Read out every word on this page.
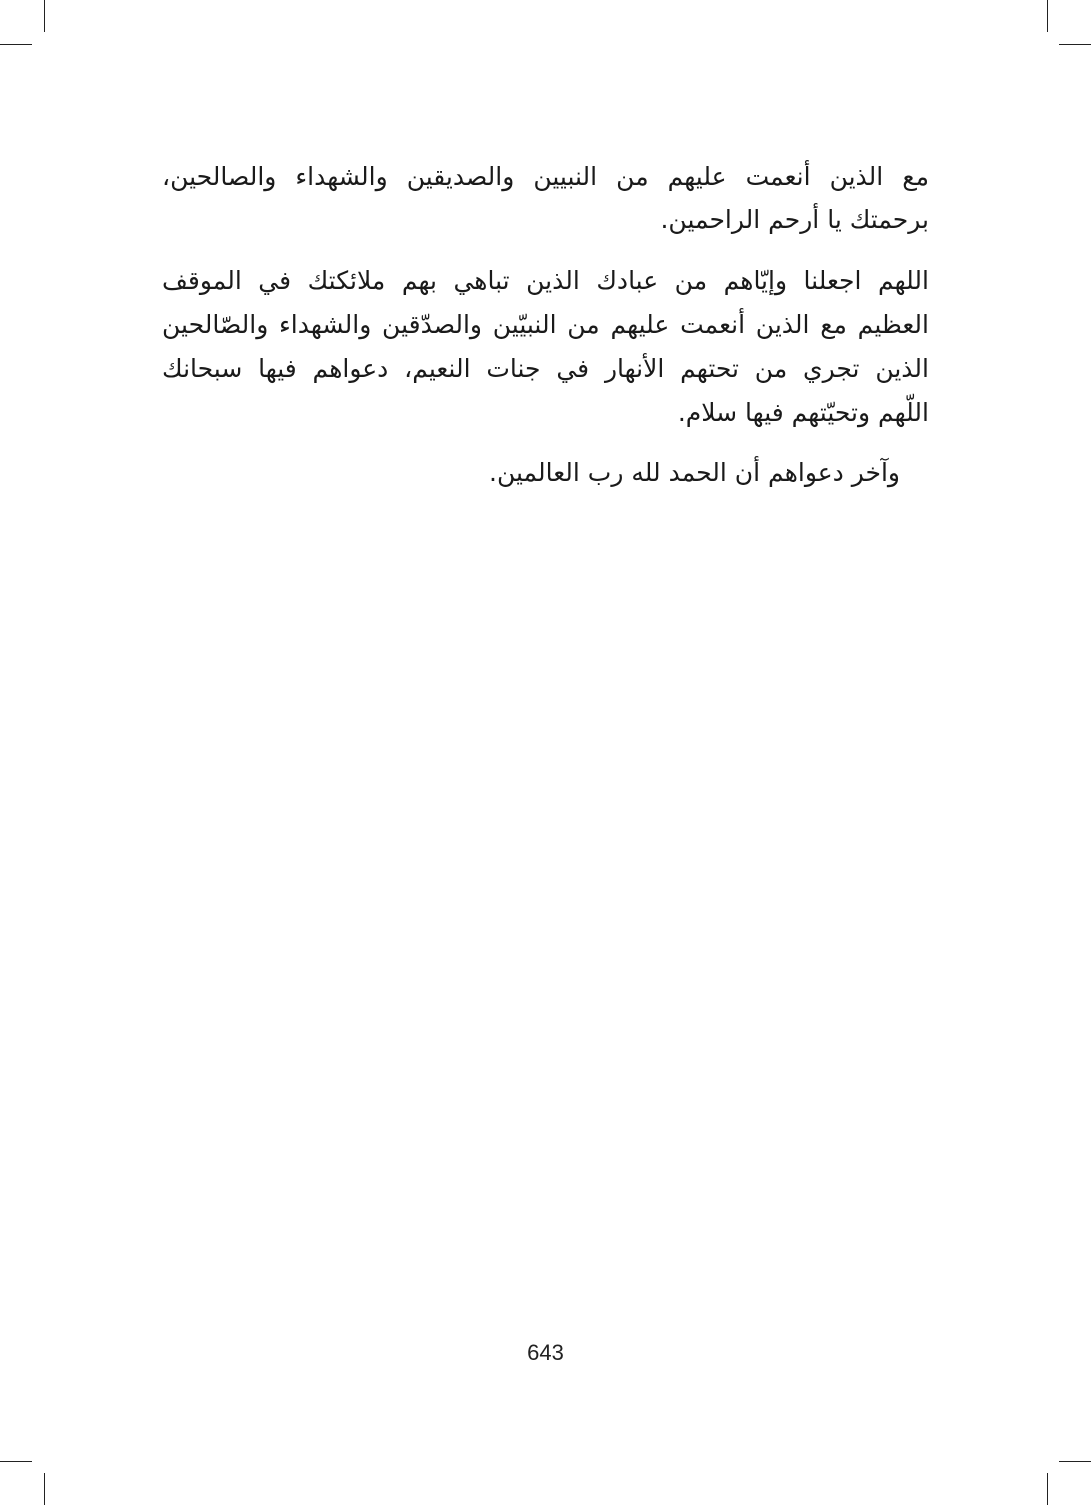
مع الذين أنعمت عليهم من النبيين والصديقين والشهداء والصالحين،
برحمتك يا أرحم الراحمين.
اللهم اجعلنا وإيّاهم من عبادك الذين تباهي بهم ملائكتك في الموقف
العظيم مع الذين أنعمت عليهم من النبيّين والصدّقين والشهداء والصّالحين
الذين تجري من تحتهم الأنهار في جنات النعيم، دعواهم فيها سبحانك
اللّهم وتحيّتهم فيها سلام.
وآخر دعواهم أن الحمد لله رب العالمين.
643
